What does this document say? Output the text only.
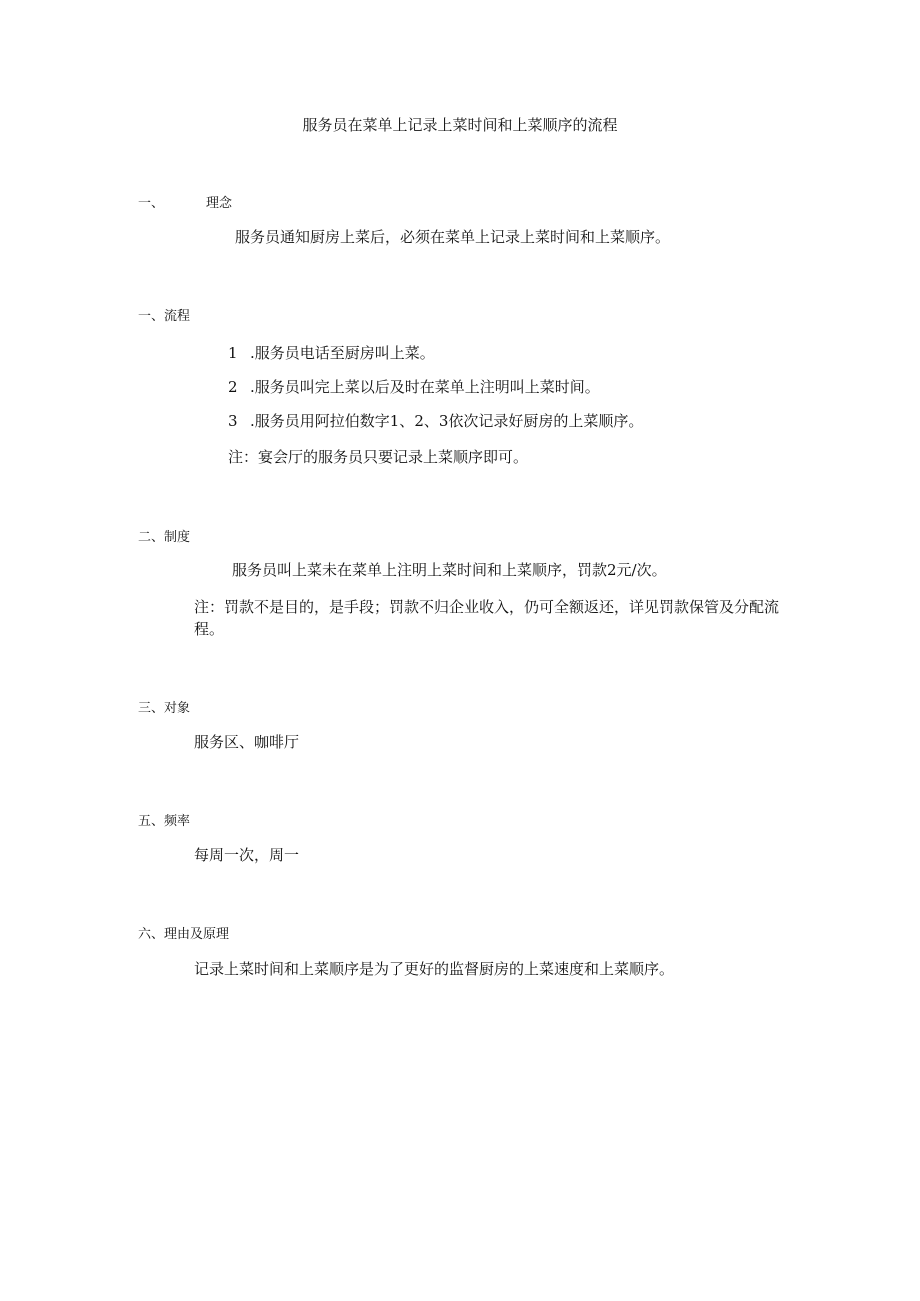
服务员在菜单上记录上菜时间和上菜顺序的流程
一、	理念
服务员通知厨房上菜后，必须在菜单上记录上菜时间和上菜顺序。
一、流程
1 .服务员电话至厨房叫上菜。
2 .服务员叫完上菜以后及时在菜单上注明叫上菜时间。
3 .服务员用阿拉伯数字1、2、3依次记录好厨房的上菜顺序。
注：宴会厅的服务员只要记录上菜顺序即可。
二、制度
服务员叫上菜未在菜单上注明上菜时间和上菜顺序，罚款2元/次。
注：罚款不是目的，是手段；罚款不归企业收入，仍可全额返还，详见罚款保管及分配流程。
三、对象
服务区、咖啡厅
五、频率
每周一次，周一
六、理由及原理
记录上菜时间和上菜顺序是为了更好的监督厨房的上菜速度和上菜顺序。
